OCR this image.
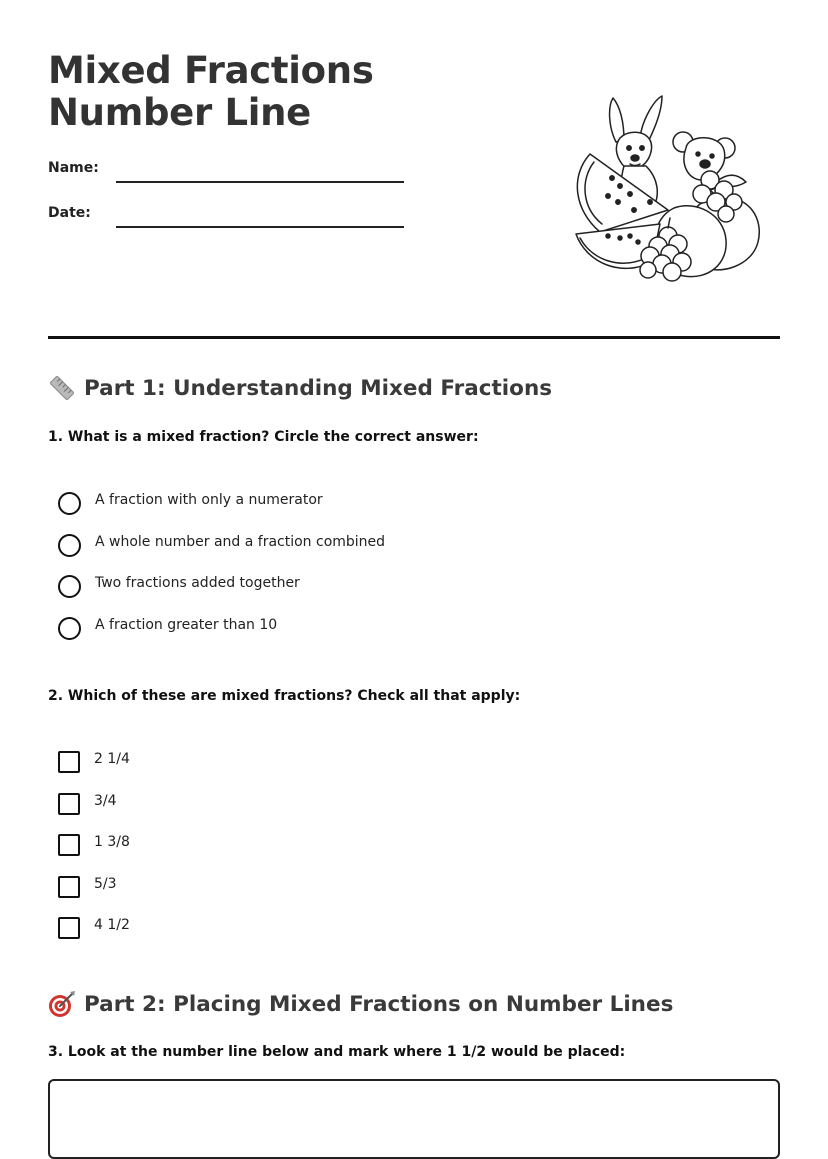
Mixed Fractions
Number Line
Name:
Date:
Part 1: Understanding Mixed Fractions

1. What is a mixed fraction? Circle the correct answer:

A fraction with only a numerator
A whole number and a fraction combined
Two fractions added together
A fraction greater than 10

2. Which of these are mixed fractions? Check all that apply:

2 1/4
3/4
1 3/8
5/3
4 1/2
Part 2: Placing Mixed Fractions on Number Lines

3. Look at the number line below and mark where 1 1/2 would be placed:
